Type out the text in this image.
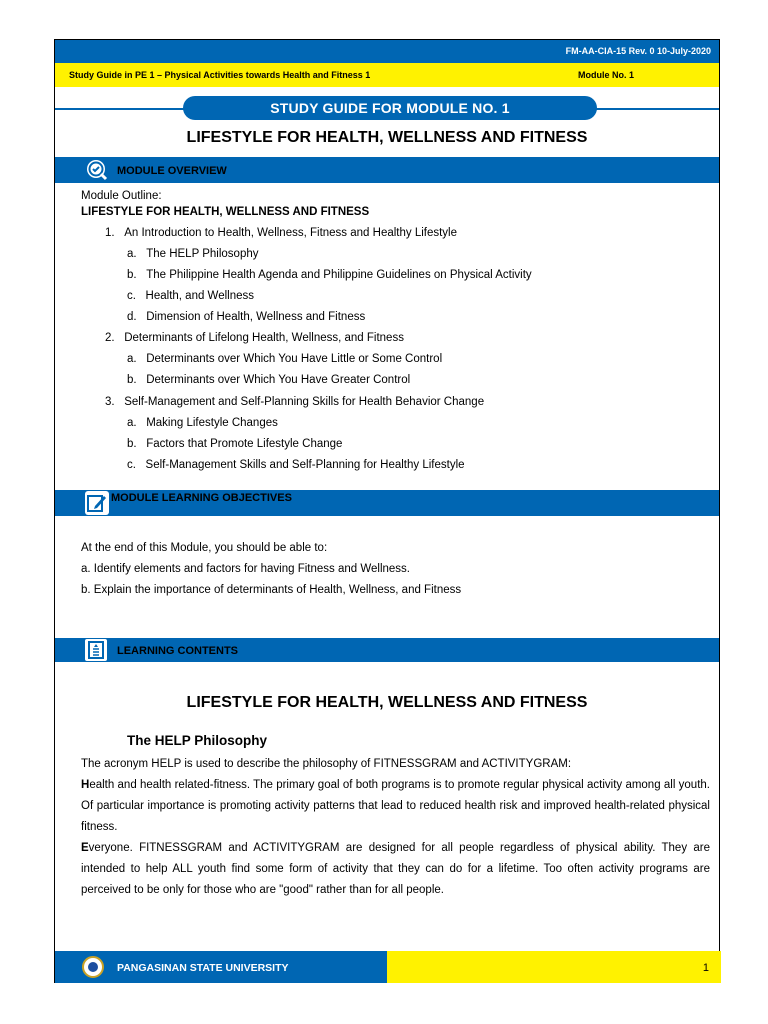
FM-AA-CIA-15 Rev. 0 10-July-2020
Study Guide in PE 1 – Physical Activities towards Health and Fitness 1	Module No. 1
STUDY GUIDE FOR MODULE NO. 1
LIFESTYLE FOR HEALTH, WELLNESS AND FITNESS
MODULE OVERVIEW
Module Outline:
LIFESTYLE FOR HEALTH, WELLNESS AND FITNESS
1. An Introduction to Health, Wellness, Fitness and Healthy Lifestyle
a. The HELP Philosophy
b. The Philippine Health Agenda and Philippine Guidelines on Physical Activity
c. Health, and Wellness
d. Dimension of Health, Wellness and Fitness
2. Determinants of Lifelong Health, Wellness, and Fitness
a. Determinants over Which You Have Little or Some Control
b. Determinants over Which You Have Greater Control
3. Self-Management and Self-Planning Skills for Health Behavior Change
a. Making Lifestyle Changes
b. Factors that Promote Lifestyle Change
c. Self-Management Skills and Self-Planning for Healthy Lifestyle
MODULE LEARNING OBJECTIVES
At the end of this Module, you should be able to:
a. Identify elements and factors for having Fitness and Wellness.
b. Explain the importance of determinants of Health, Wellness, and Fitness
LEARNING CONTENTS
LIFESTYLE FOR HEALTH, WELLNESS AND FITNESS
The HELP Philosophy
The acronym HELP is used to describe the philosophy of FITNESSGRAM and ACTIVITYGRAM:
Health and health related-fitness. The primary goal of both programs is to promote regular physical activity among all youth. Of particular importance is promoting activity patterns that lead to reduced health risk and improved health-related physical fitness.
Everyone. FITNESSGRAM and ACTIVITYGRAM are designed for all people regardless of physical ability. They are intended to help ALL youth find some form of activity that they can do for a lifetime. Too often activity programs are perceived to be only for those who are "good" rather than for all people.
PANGASINAN STATE UNIVERSITY	1
